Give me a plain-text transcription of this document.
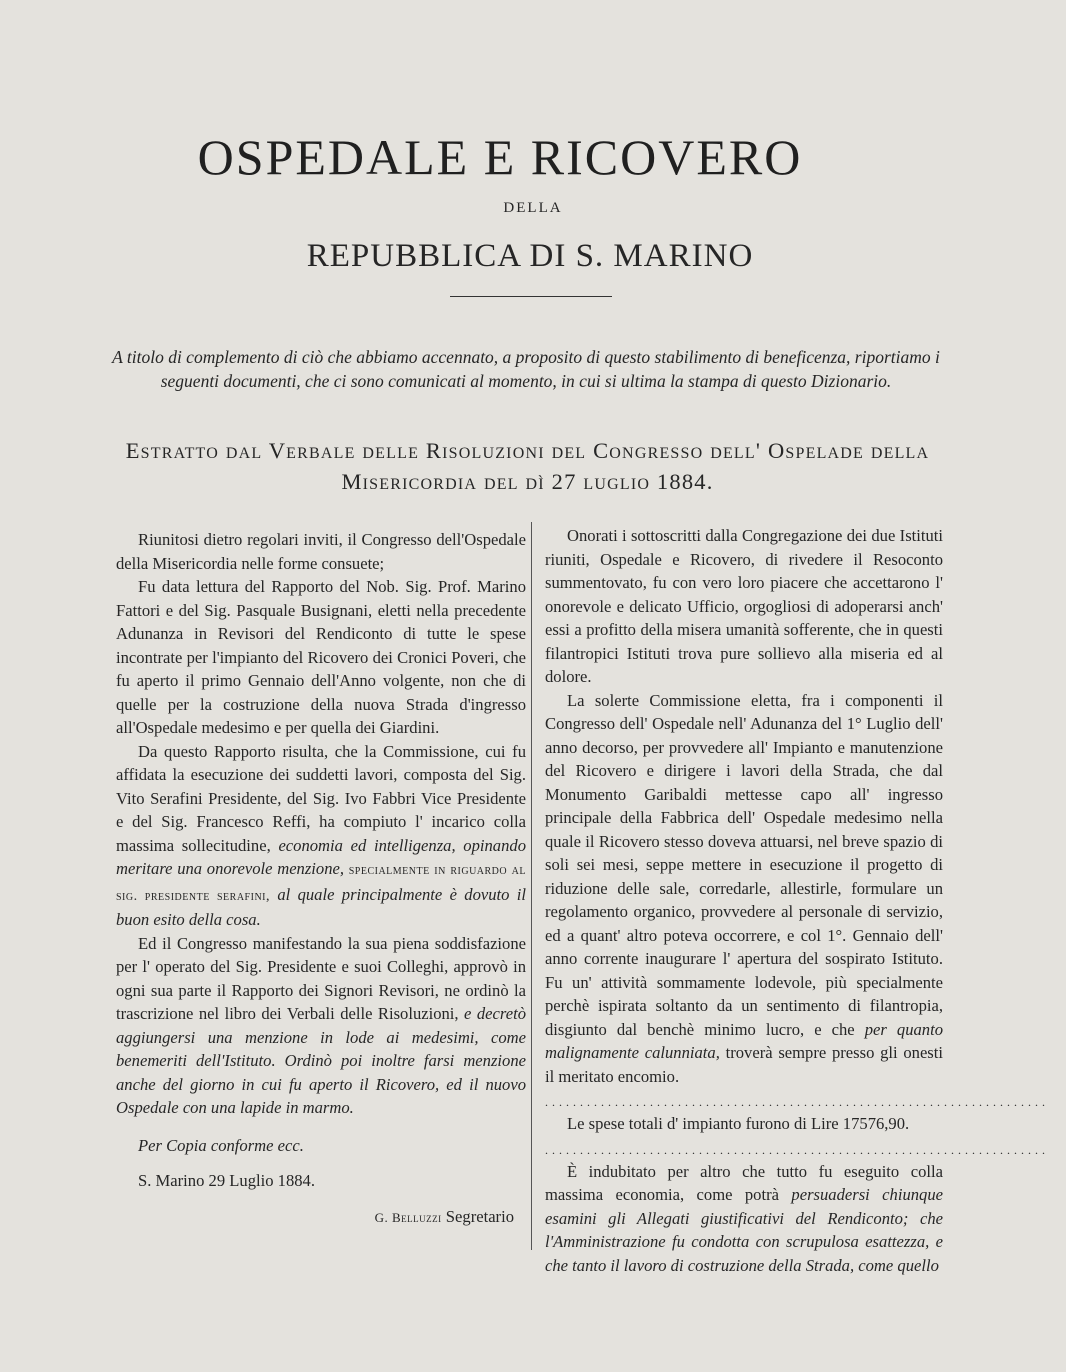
OSPEDALE E RICOVERO
DELLA
REPUBBLICA DI S. MARINO
A titolo di complemento di ciò che abbiamo accennato, a proposito di questo stabilimento di beneficenza, riportiamo i seguenti documenti, che ci sono comunicati al momento, in cui si ultima la stampa di questo Dizionario.
Estratto dal Verbale delle Risoluzioni del Congresso dell' Ospelade della Misericordia del dì 27 luglio 1884.

Riunitosi dietro regolari inviti, il Congresso dell'Ospedale della Misericordia nelle forme consuete;

Fu data lettura del Rapporto del Nob. Sig. Prof. Marino Fattori e del Sig. Pasquale Busignani, eletti nella precedente Adunanza in Revisori del Rendiconto di tutte le spese incontrate per l'impianto del Ricovero dei Cronici Poveri, che fu aperto il primo Gennaio dell'Anno volgente, non che di quelle per la costruzione della nuova Strada d'ingresso all'Ospedale medesimo e per quella dei Giardini.

Da questo Rapporto risulta, che la Commissione, cui fu affidata la esecuzione dei suddetti lavori, composta del Sig. Vito Serafini Presidente, del Sig. Ivo Fabbri Vice Presidente e del Sig. Francesco Reffi, ha compiuto l' incarico colla massima sollecitudine, economia ed intelligenza, opinando meritare una onorevole menzione, specialmente in riguardo al sig. presidente serafini, al quale principalmente è dovuto il buon esito della cosa.

Ed il Congresso manifestando la sua piena soddisfazione per l' operato del Sig. Presidente e suoi Colleghi, approvò in ogni sua parte il Rapporto dei Signori Revisori, ne ordinò la trascrizione nel libro dei Verbali delle Risoluzioni, e decretò aggiungersi una menzione in lode ai medesimi, come benemeriti dell'Istituto. Ordinò poi inoltre farsi menzione anche del giorno in cui fu aperto il Ricovero, ed il nuovo Ospedale con una lapide in marmo.

Per Copia conforme ecc.

S. Marino 29 Luglio 1884.

G. Belluzzi Segretario

Onorati i sottoscritti dalla Congregazione dei due Istituti riuniti, Ospedale e Ricovero, di rivedere il Resoconto summentovato, fu con vero loro piacere che accettarono l' onorevole e delicato Ufficio, orgogliosi di adoperarsi anch' essi a profitto della misera umanità sofferente, che in questi filantropici Istituti trova pure sollievo alla miseria ed al dolore.

La solerte Commissione eletta, fra i componenti il Congresso dell' Ospedale nell' Adunanza del 1° Luglio dell' anno decorso, per provvedere all' Impianto e manutenzione del Ricovero e dirigere i lavori della Strada, che dal Monumento Garibaldi mettesse capo all' ingresso principale della Fabbrica dell' Ospedale medesimo nella quale il Ricovero stesso doveva attuarsi, nel breve spazio di soli sei mesi, seppe mettere in esecuzione il progetto di riduzione delle sale, corredarle, allestirle, formulare un regolamento organico, provvedere al personale di servizio, ed a quant' altro poteva occorrere, e col 1°. Gennaio dell' anno corrente inaugurare l' apertura del sospirato Istituto. Fu un' attività sommamente lodevole, più specialmente perchè ispirata soltanto da un sentimento di filantropia, disgiunto dal benchè minimo lucro, e che per quanto malignamente calunniata, troverà sempre presso gli onesti il meritato encomio.

........................................................................

Le spese totali d' impianto furono di Lire 17576,90.

........................................................................

È indubitato per altro che tutto fu eseguito colla massima economia, come potrà persuadersi chiunque esamini gli Allegati giustificativi del Rendiconto; che l'Amministrazione fu condotta con scrupulosa esattezza, e che tanto il lavoro di costruzione della Strada, come quello
